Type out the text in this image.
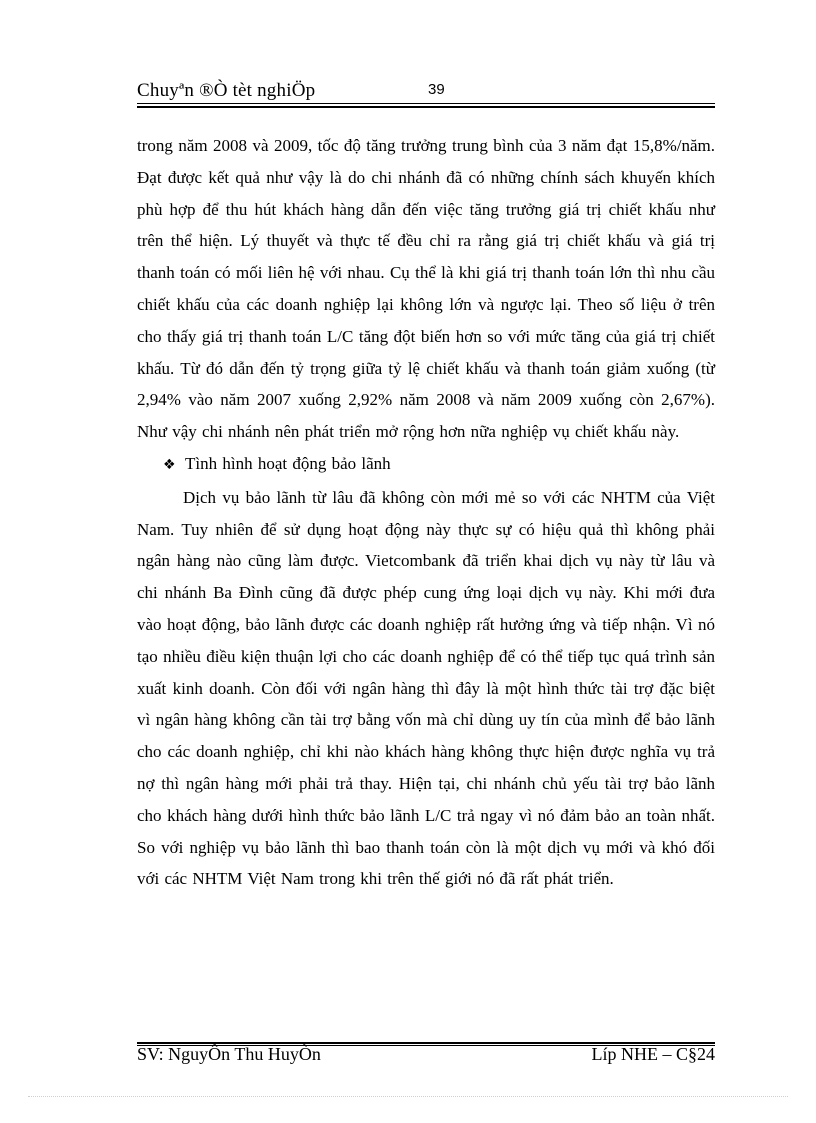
Chuyªn ®Ò tèt nghiÖp	39

trong năm 2008 và 2009, tốc độ tăng trưởng trung bình của 3 năm đạt 15,8%/năm. Đạt được kết quả như vậy là do chi nhánh đã có những chính sách khuyến khích phù hợp để thu hút khách hàng dẫn đến việc tăng trưởng giá trị chiết khấu như trên thể hiện. Lý thuyết và thực tế đều chỉ ra rằng giá trị chiết khấu và giá trị thanh toán có mối liên hệ với nhau. Cụ thể là khi giá trị thanh toán lớn thì nhu cầu chiết khấu của các doanh nghiệp lại không lớn và ngược lại. Theo số liệu ở trên cho thấy giá trị thanh toán L/C tăng đột biến hơn so với mức tăng của giá trị chiết khấu. Từ đó dẫn đến tỷ trọng giữa tỷ lệ chiết khấu và thanh toán giảm xuống (từ 2,94% vào năm 2007 xuống 2,92% năm 2008 và năm 2009 xuống còn 2,67%). Như vậy chi nhánh nên phát triển mở rộng hơn nữa nghiệp vụ chiết khấu này.

❖ Tình hình hoạt động bảo lãnh

Dịch vụ bảo lãnh từ lâu đã không còn mới mẻ so với các NHTM của Việt Nam. Tuy nhiên để sử dụng hoạt động này thực sự có hiệu quả thì không phải ngân hàng nào cũng làm được. Vietcombank đã triển khai dịch vụ này từ lâu và chi nhánh Ba Đình cũng đã được phép cung ứng loại dịch vụ này. Khi mới đưa vào hoạt động, bảo lãnh được các doanh nghiệp rất hưởng ứng và tiếp nhận. Vì nó tạo nhiều điều kiện thuận lợi cho các doanh nghiệp để có thể tiếp tục quá trình sản xuất kinh doanh. Còn đối với ngân hàng thì đây là một hình thức tài trợ đặc biệt vì ngân hàng không cần tài trợ bằng vốn mà chỉ dùng uy tín của mình để bảo lãnh cho các doanh nghiệp, chỉ khi nào khách hàng không thực hiện được nghĩa vụ trả nợ thì ngân hàng mới phải trả thay. Hiện tại, chi nhánh chủ yếu tài trợ bảo lãnh cho khách hàng dưới hình thức bảo lãnh L/C trả ngay vì nó đảm bảo an toàn nhất. So với nghiệp vụ bảo lãnh thì bao thanh toán còn là một dịch vụ mới và khó đối với các NHTM Việt Nam trong khi trên thế giới nó đã rất phát triển.

SV: NguyÔn Thu HuyÒn	Líp NHE – C§24
